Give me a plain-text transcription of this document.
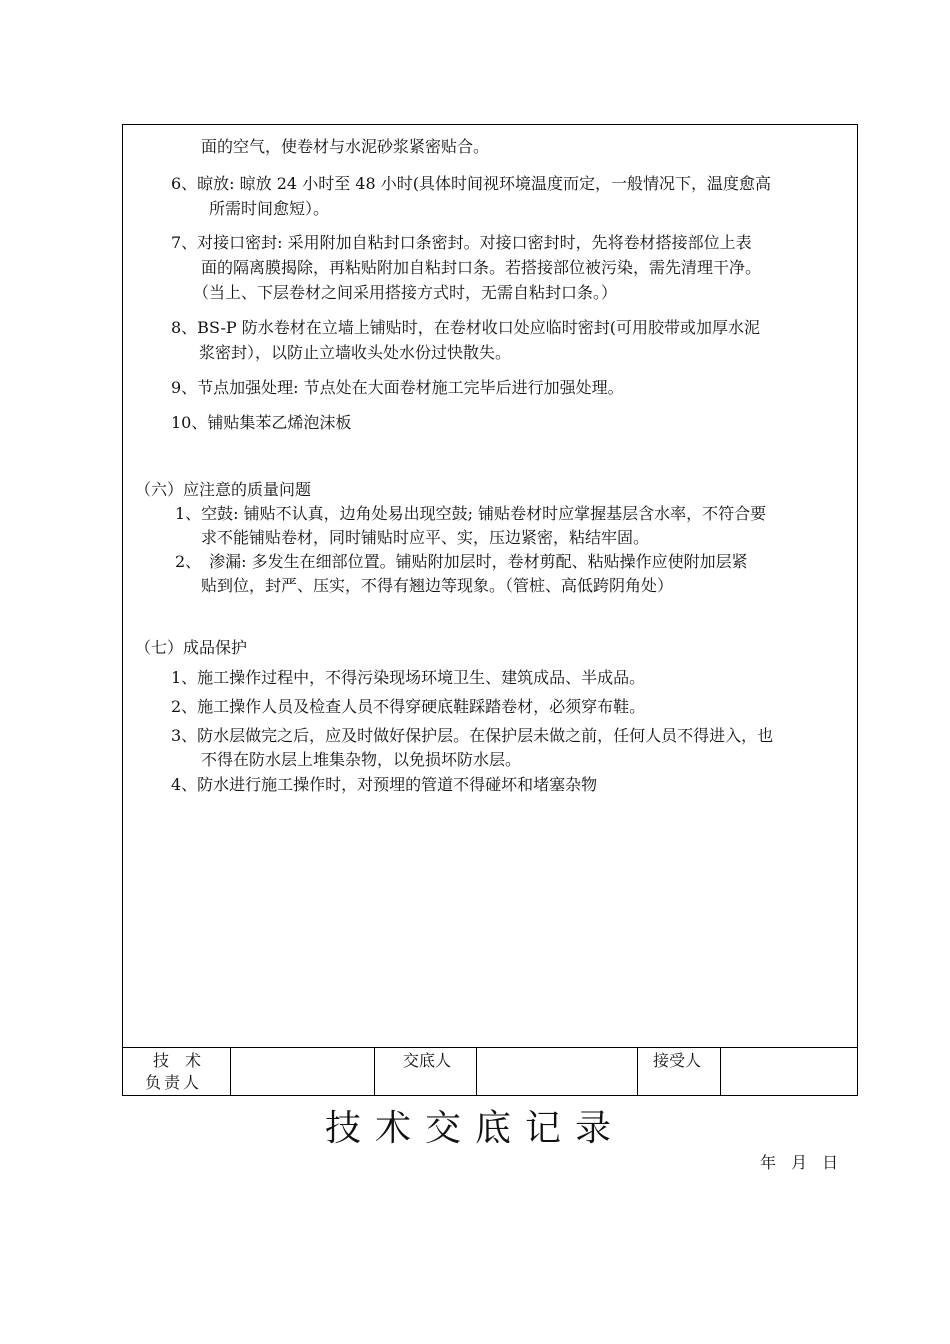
面的空气，使卷材与水泥砂浆紧密贴合。
6、晾放: 晾放 24 小时至 48 小时(具体时间视环境温度而定，一般情况下，温度愈高
所需时间愈短）。
7、对接口密封: 采用附加自粘封口条密封。对接口密封时，先将卷材搭接部位上表
面的隔离膜揭除，再粘贴附加自粘封口条。若搭接部位被污染，需先清理干净。
（当上、下层卷材之间采用搭接方式时，无需自粘封口条。）
8、BS-P 防水卷材在立墙上铺贴时，在卷材收口处应临时密封(可用胶带或加厚水泥
浆密封），以防止立墙收头处水份过快散失。
9、节点加强处理: 节点处在大面卷材施工完毕后进行加强处理。
10、铺贴集苯乙烯泡沫板
（六）应注意的质量问题
1、空鼓: 铺贴不认真，边角处易出现空鼓; 铺贴卷材时应掌握基层含水率，不符合要
求不能铺贴卷材，同时铺贴时应平、实，压边紧密，粘结牢固。
2、　渗漏: 多发生在细部位置。铺贴附加层时，卷材剪配、粘贴操作应使附加层紧
贴到位，封严、压实，不得有翘边等现象。（管桩、高低跨阴角处）
（七）成品保护
1、施工操作过程中，不得污染现场环境卫生、建筑成品、半成品。
2、施工操作人员及检查人员不得穿硬底鞋踩踏卷材，必须穿布鞋。
3、防水层做完之后，应及时做好保护层。在保护层未做之前，任何人员不得进入，也
不得在防水层上堆集杂物，以免损坏防水层。
4、防水进行施工操作时，对预埋的管道不得碰坏和堵塞杂物
技　术
负责人
交底人	接受人
技术交底记录
年 月 日
